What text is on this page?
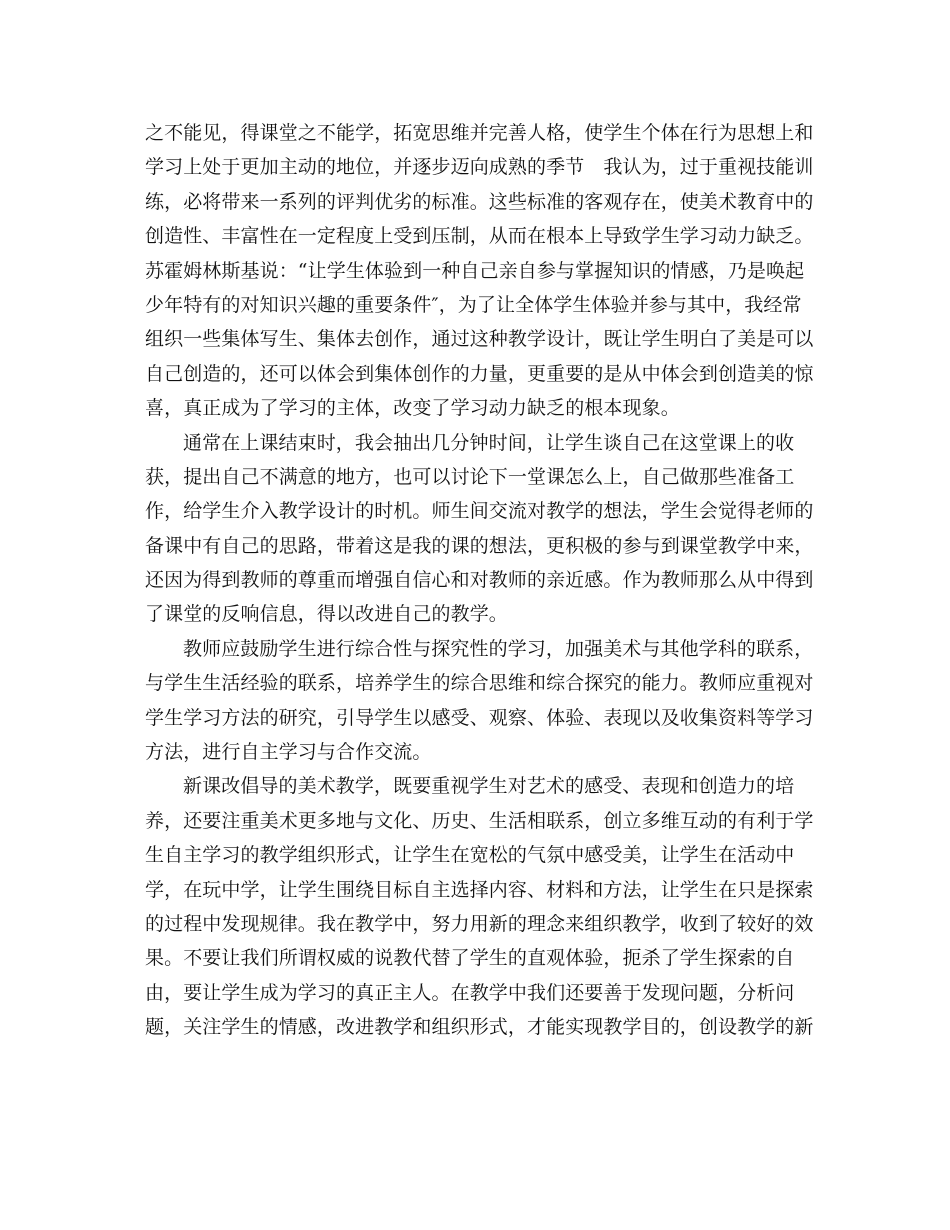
之不能见，得课堂之不能学，拓宽思维并完善人格，使学生个体在行为思想上和
学习上处于更加主动的地位，并逐步迈向成熟的季节　我认为，过于重视技能训
练，必将带来一系列的评判优劣的标准。这些标准的客观存在，使美术教育中的
创造性、丰富性在一定程度上受到压制，从而在根本上导致学生学习动力缺乏。
苏霍姆林斯基说：“让学生体验到一种自己亲自参与掌握知识的情感，乃是唤起
少年特有的对知识兴趣的重要条件″，为了让全体学生体验并参与其中，我经常
组织一些集体写生、集体去创作，通过这种教学设计，既让学生明白了美是可以
自己创造的，还可以体会到集体创作的力量，更重要的是从中体会到创造美的惊
喜，真正成为了学习的主体，改变了学习动力缺乏的根本现象。
通常在上课结束时，我会抽出几分钟时间，让学生谈自己在这堂课上的收
获，提出自己不满意的地方，也可以讨论下一堂课怎么上，自己做那些准备工
作，给学生介入教学设计的时机。师生间交流对教学的想法，学生会觉得老师的
备课中有自己的思路，带着这是我的课的想法，更积极的参与到课堂教学中来，
还因为得到教师的尊重而增强自信心和对教师的亲近感。作为教师那么从中得到
了课堂的反响信息，得以改进自己的教学。
教师应鼓励学生进行综合性与探究性的学习，加强美术与其他学科的联系，
与学生生活经验的联系，培养学生的综合思维和综合探究的能力。教师应重视对
学生学习方法的研究，引导学生以感受、观察、体验、表现以及收集资料等学习
方法，进行自主学习与合作交流。
新课改倡导的美术教学，既要重视学生对艺术的感受、表现和创造力的培
养，还要注重美术更多地与文化、历史、生活相联系，创立多维互动的有利于学
生自主学习的教学组织形式，让学生在宽松的气氛中感受美，让学生在活动中
学，在玩中学，让学生围绕目标自主选择内容、材料和方法，让学生在只是探索
的过程中发现规律。我在教学中，努力用新的理念来组织教学，收到了较好的效
果。不要让我们所谓权威的说教代替了学生的直观体验，扼杀了学生探索的自
由，要让学生成为学习的真正主人。在教学中我们还要善于发现问题，分析问
题，关注学生的情感，改进教学和组织形式，才能实现教学目的，创设教学的新
